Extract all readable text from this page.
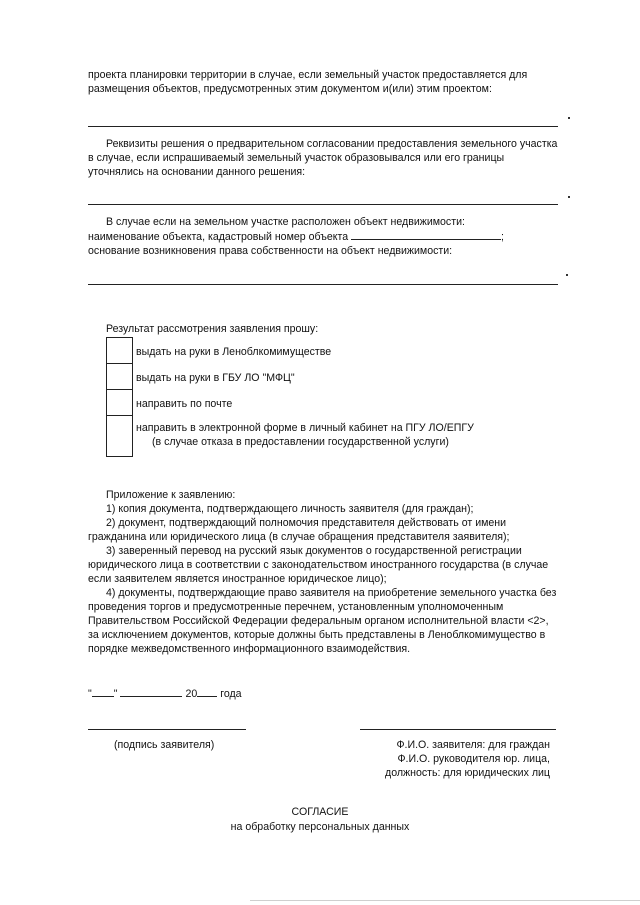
проекта планировки территории в случае, если земельный участок предоставляется для
размещения объектов, предусмотренных этим документом и(или) этим проектом:
Реквизиты решения о предварительном согласовании предоставления земельного участка
в случае, если испрашиваемый земельный участок образовывался или его границы
уточнялись на основании данного решения:
В случае если на земельном участке расположен объект недвижимости:
наименование объекта, кадастровый номер объекта	;
основание возникновения права собственности на объект недвижимости:
Результат рассмотрения заявления прошу:
выдать на руки в Леноблкомимуществе
выдать на руки в ГБУ ЛО "МФЦ"
направить по почте
направить в электронной форме в личный кабинет на ПГУ ЛО/ЕПГУ
(в случае отказа в предоставлении государственной услуги)
Приложение к заявлению:
1) копия документа, подтверждающего личность заявителя (для граждан);
2) документ, подтверждающий полномочия представителя действовать от имени
гражданина или юридического лица (в случае обращения представителя заявителя);
3) заверенный перевод на русский язык документов о государственной регистрации
юридического лица в соответствии с законодательством иностранного государства (в случае
если заявителем является иностранное юридическое лицо);
4) документы, подтверждающие право заявителя на приобретение земельного участка без
проведения торгов и предусмотренные перечнем, установленным уполномоченным
Правительством Российской Федерации федеральным органом исполнительной власти <2>,
за исключением документов, которые должны быть представлены в Леноблкомимущество в
порядке межведомственного информационного взаимодействия.
" "	20 года
(подпись заявителя)	Ф.И.О. заявителя: для граждан
Ф.И.О. руководителя юр. лица,
должность: для юридических лиц
СОГЛАСИЕ
на обработку персональных данных
